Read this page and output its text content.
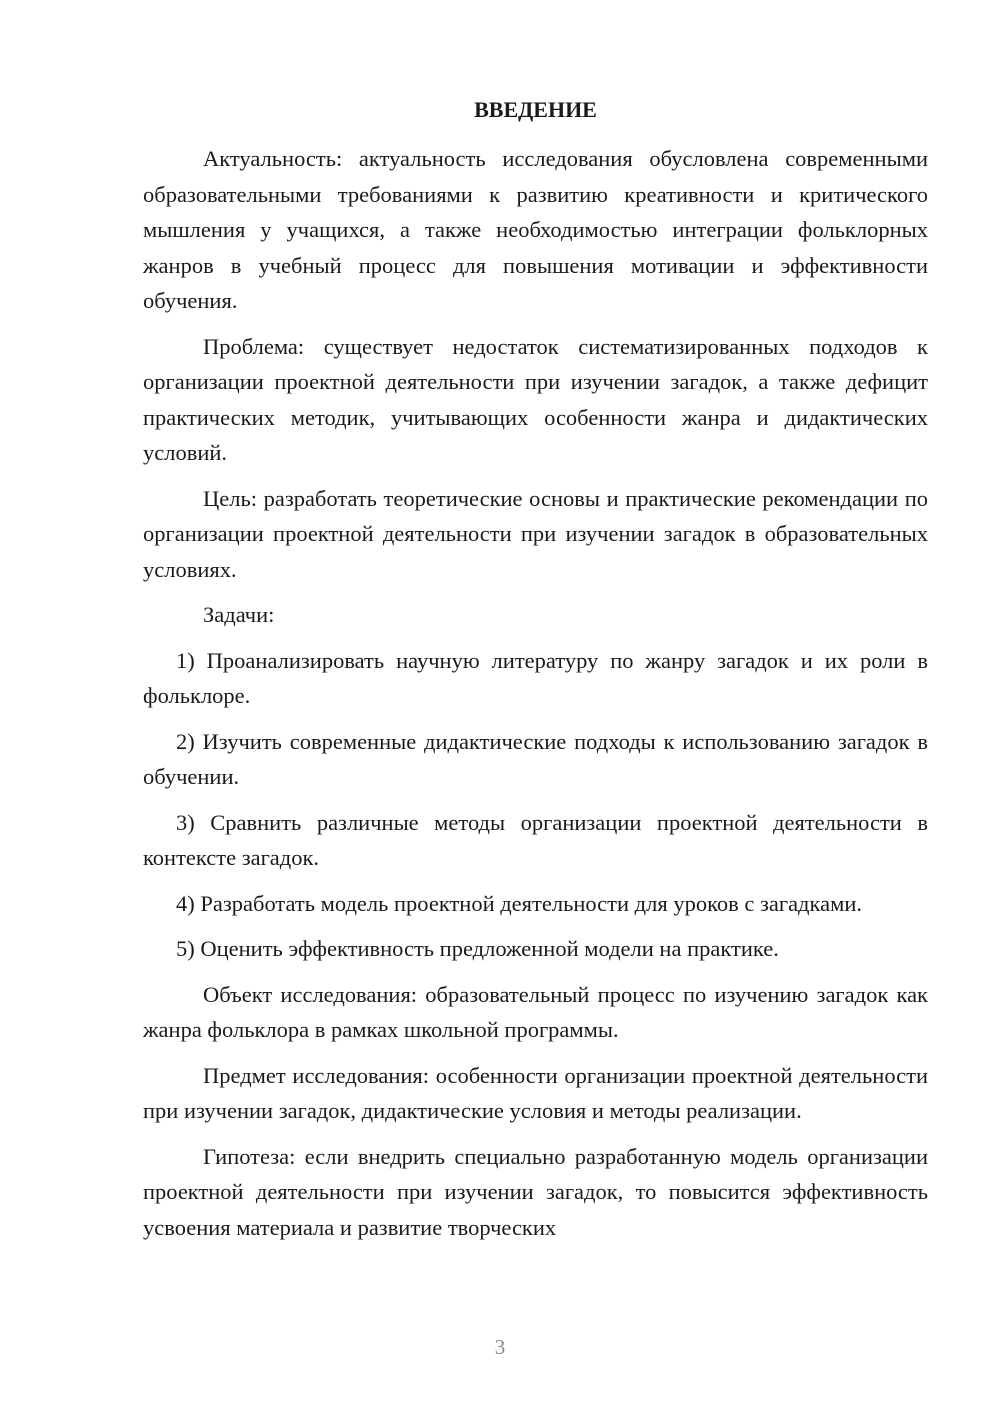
ВВЕДЕНИЕ

Актуальность: актуальность исследования обусловлена современными образовательными требованиями к развитию креативности и критического мышления у учащихся, а также необходимостью интеграции фольклорных жанров в учебный процесс для повышения мотивации и эффективности обучения.

Проблема: существует недостаток систематизированных подходов к организации проектной деятельности при изучении загадок, а также дефицит практических методик, учитывающих особенности жанра и дидактических условий.

Цель: разработать теоретические основы и практические рекомендации по организации проектной деятельности при изучении загадок в образовательных условиях.

Задачи:

1) Проанализировать научную литературу по жанру загадок и их роли в фольклоре.

2) Изучить современные дидактические подходы к использованию загадок в обучении.

3) Сравнить различные методы организации проектной деятельности в контексте загадок.

4) Разработать модель проектной деятельности для уроков с загадками.

5) Оценить эффективность предложенной модели на практике.

Объект исследования: образовательный процесс по изучению загадок как жанра фольклора в рамках школьной программы.

Предмет исследования: особенности организации проектной деятельности при изучении загадок, дидактические условия и методы реализации.

Гипотеза: если внедрить специально разработанную модель организации проектной деятельности при изучении загадок, то повысится эффективность усвоения материала и развитие творческих

3
